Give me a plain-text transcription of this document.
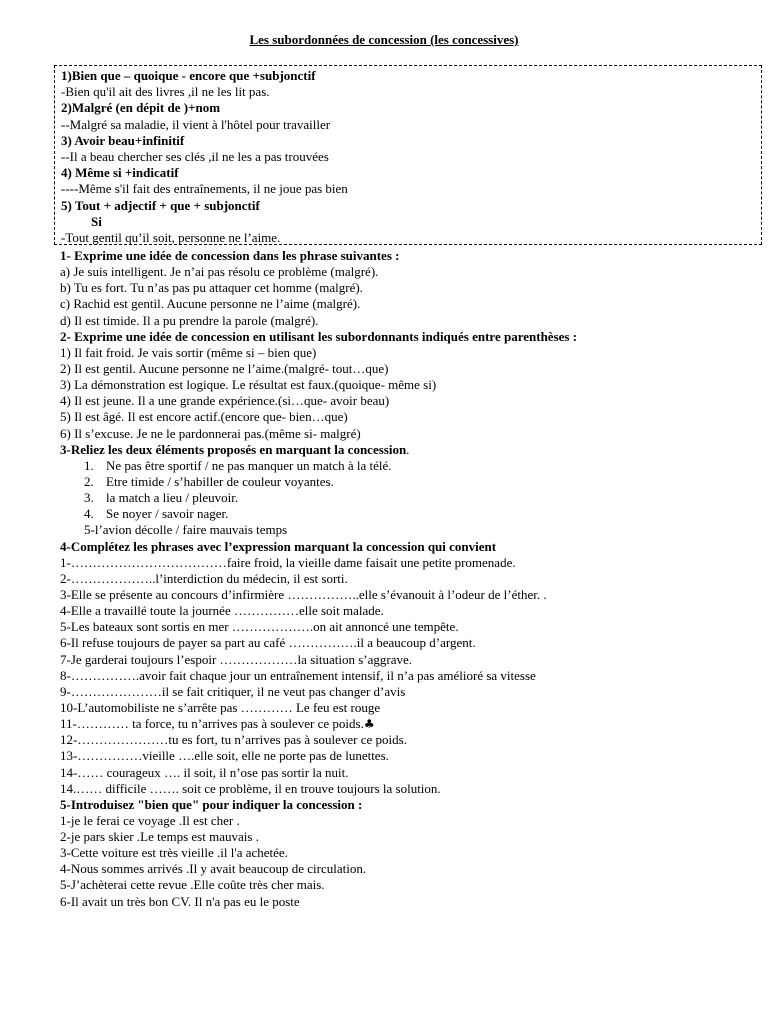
Les subordonnées de concession (les concessives)
1)Bien que – quoique - encore que +subjonctif
-Bien qu'il ait des livres ,il ne les lit pas.
2)Malgré (en dépit de )+nom
--Malgré sa maladie, il vient à l'hôtel pour travailler
3) Avoir beau+infinitif
--Il a beau chercher ses clés ,il ne les a pas trouvées
4) Même si +indicatif
----Même s'il fait des entraînements, il ne joue pas bien
5) Tout + adjectif + que + subjonctif
Si
-Tout gentil qu’il soit, personne ne l’aime.
1- Exprime une idée de concession dans les phrase suivantes :
a) Je suis intelligent. Je n’ai pas résolu ce problème (malgré).
b) Tu es fort. Tu n’as pas pu attaquer cet homme (malgré).
c) Rachid est gentil. Aucune personne ne l’aime (malgré).
d) Il est timide. Il a pu prendre la parole (malgré).
2- Exprime une idée de concession en utilisant les subordonnants indiqués entre parenthèses :
1) Il fait froid. Je vais sortir (même si – bien que)
2) Il est gentil. Aucune personne ne l’aime.(malgré- tout…que)
3) La démonstration est logique. Le résultat est faux.(quoique- même si)
4) Il est jeune. Il a une grande expérience.(si…que- avoir beau)
5) Il est âgé. Il est encore actif.(encore que- bien…que)
6) Il s’excuse. Je ne le pardonnerai pas.(même si- malgré)
3-Reliez les deux éléments proposés en marquant la concession.
1. Ne pas être sportif / ne pas manquer un match à la télé.
2. Etre timide / s’habiller de couleur voyantes.
3. la match a lieu / pleuvoir.
4. Se noyer / savoir nager.
5-l’avion décolle / faire mauvais temps
4-Complétez les phrases avec l’expression marquant la concession qui convient
1-………………………………faire froid, la vieille dame faisait une petite promenade.
2-………………..l’interdiction du médecin, il est sorti.
3-Elle se présente au concours d’infirmière ……………..elle s’évanouit à l’odeur de l’éther. .
4-Elle a travaillé toute la journée ……………elle soit malade.
5-Les bateaux sont sortis en mer ……………….on ait annoncé une tempête.
6-Il refuse toujours de payer sa part au café …………….il a beaucoup d’argent.
7-Je garderai toujours l’espoir ………………la situation s’aggrave.
8-…………….avoir fait chaque jour un entraînement intensif, il n’a pas amélioré sa vitesse
9-…………………il se fait critiquer, il ne veut pas changer d’avis
10-L’automobiliste ne s’arrête pas ………… Le feu est rouge
11-………… ta force, tu n’arrives pas à soulever ce poids.♣
12-…………………tu es fort, tu n’arrives pas à soulever ce poids.
13-……………vieille ….elle soit, elle ne porte pas de lunettes.
14-…… courageux …. il soit, il n’ose pas sortir la nuit.
14.…… difficile ……. soit ce problème, il en trouve toujours la solution.
5-Introduisez "bien que" pour indiquer la concession :
1-je le ferai ce voyage .Il est cher .
2-je pars skier .Le temps est mauvais .
3-Cette voiture est très vieille .il l'a achetée.
4-Nous sommes arrivés .Il y avait beaucoup de circulation.
5-J’achèterai cette revue .Elle coûte très cher mais.
6-Il avait un très bon CV. Il n'a pas eu le poste
